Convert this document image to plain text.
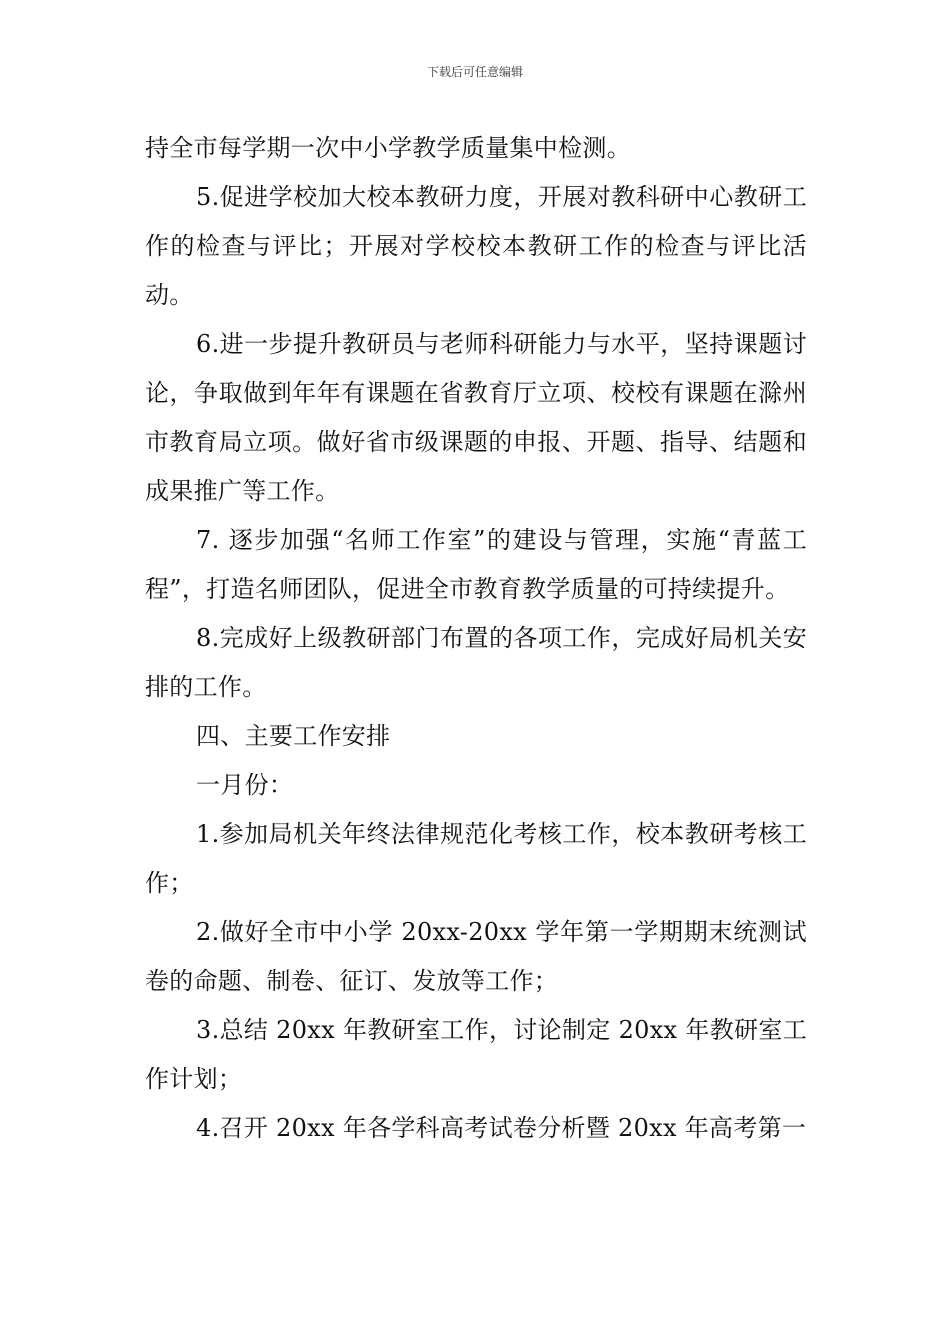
下载后可任意编辑

持全市每学期一次中小学教学质量集中检测。

5.促进学校加大校本教研力度，开展对教科研中心教研工作的检查与评比；开展对学校校本教研工作的检查与评比活动。

6.进一步提升教研员与老师科研能力与水平，坚持课题讨论，争取做到年年有课题在省教育厅立项、校校有课题在滁州市教育局立项。做好省市级课题的申报、开题、指导、结题和成果推广等工作。

7. 逐步加强“名师工作室”的建设与管理，实施“青蓝工程”，打造名师团队，促进全市教育教学质量的可持续提升。

8.完成好上级教研部门布置的各项工作，完成好局机关安排的工作。

四、主要工作安排

一月份：

1.参加局机关年终法律规范化考核工作，校本教研考核工作；

2.做好全市中小学 20xx-20xx 学年第一学期期末统测试卷的命题、制卷、征订、发放等工作；

3.总结 20xx 年教研室工作，讨论制定 20xx 年教研室工作计划；

4.召开 20xx 年各学科高考试卷分析暨 20xx 年高考第一
